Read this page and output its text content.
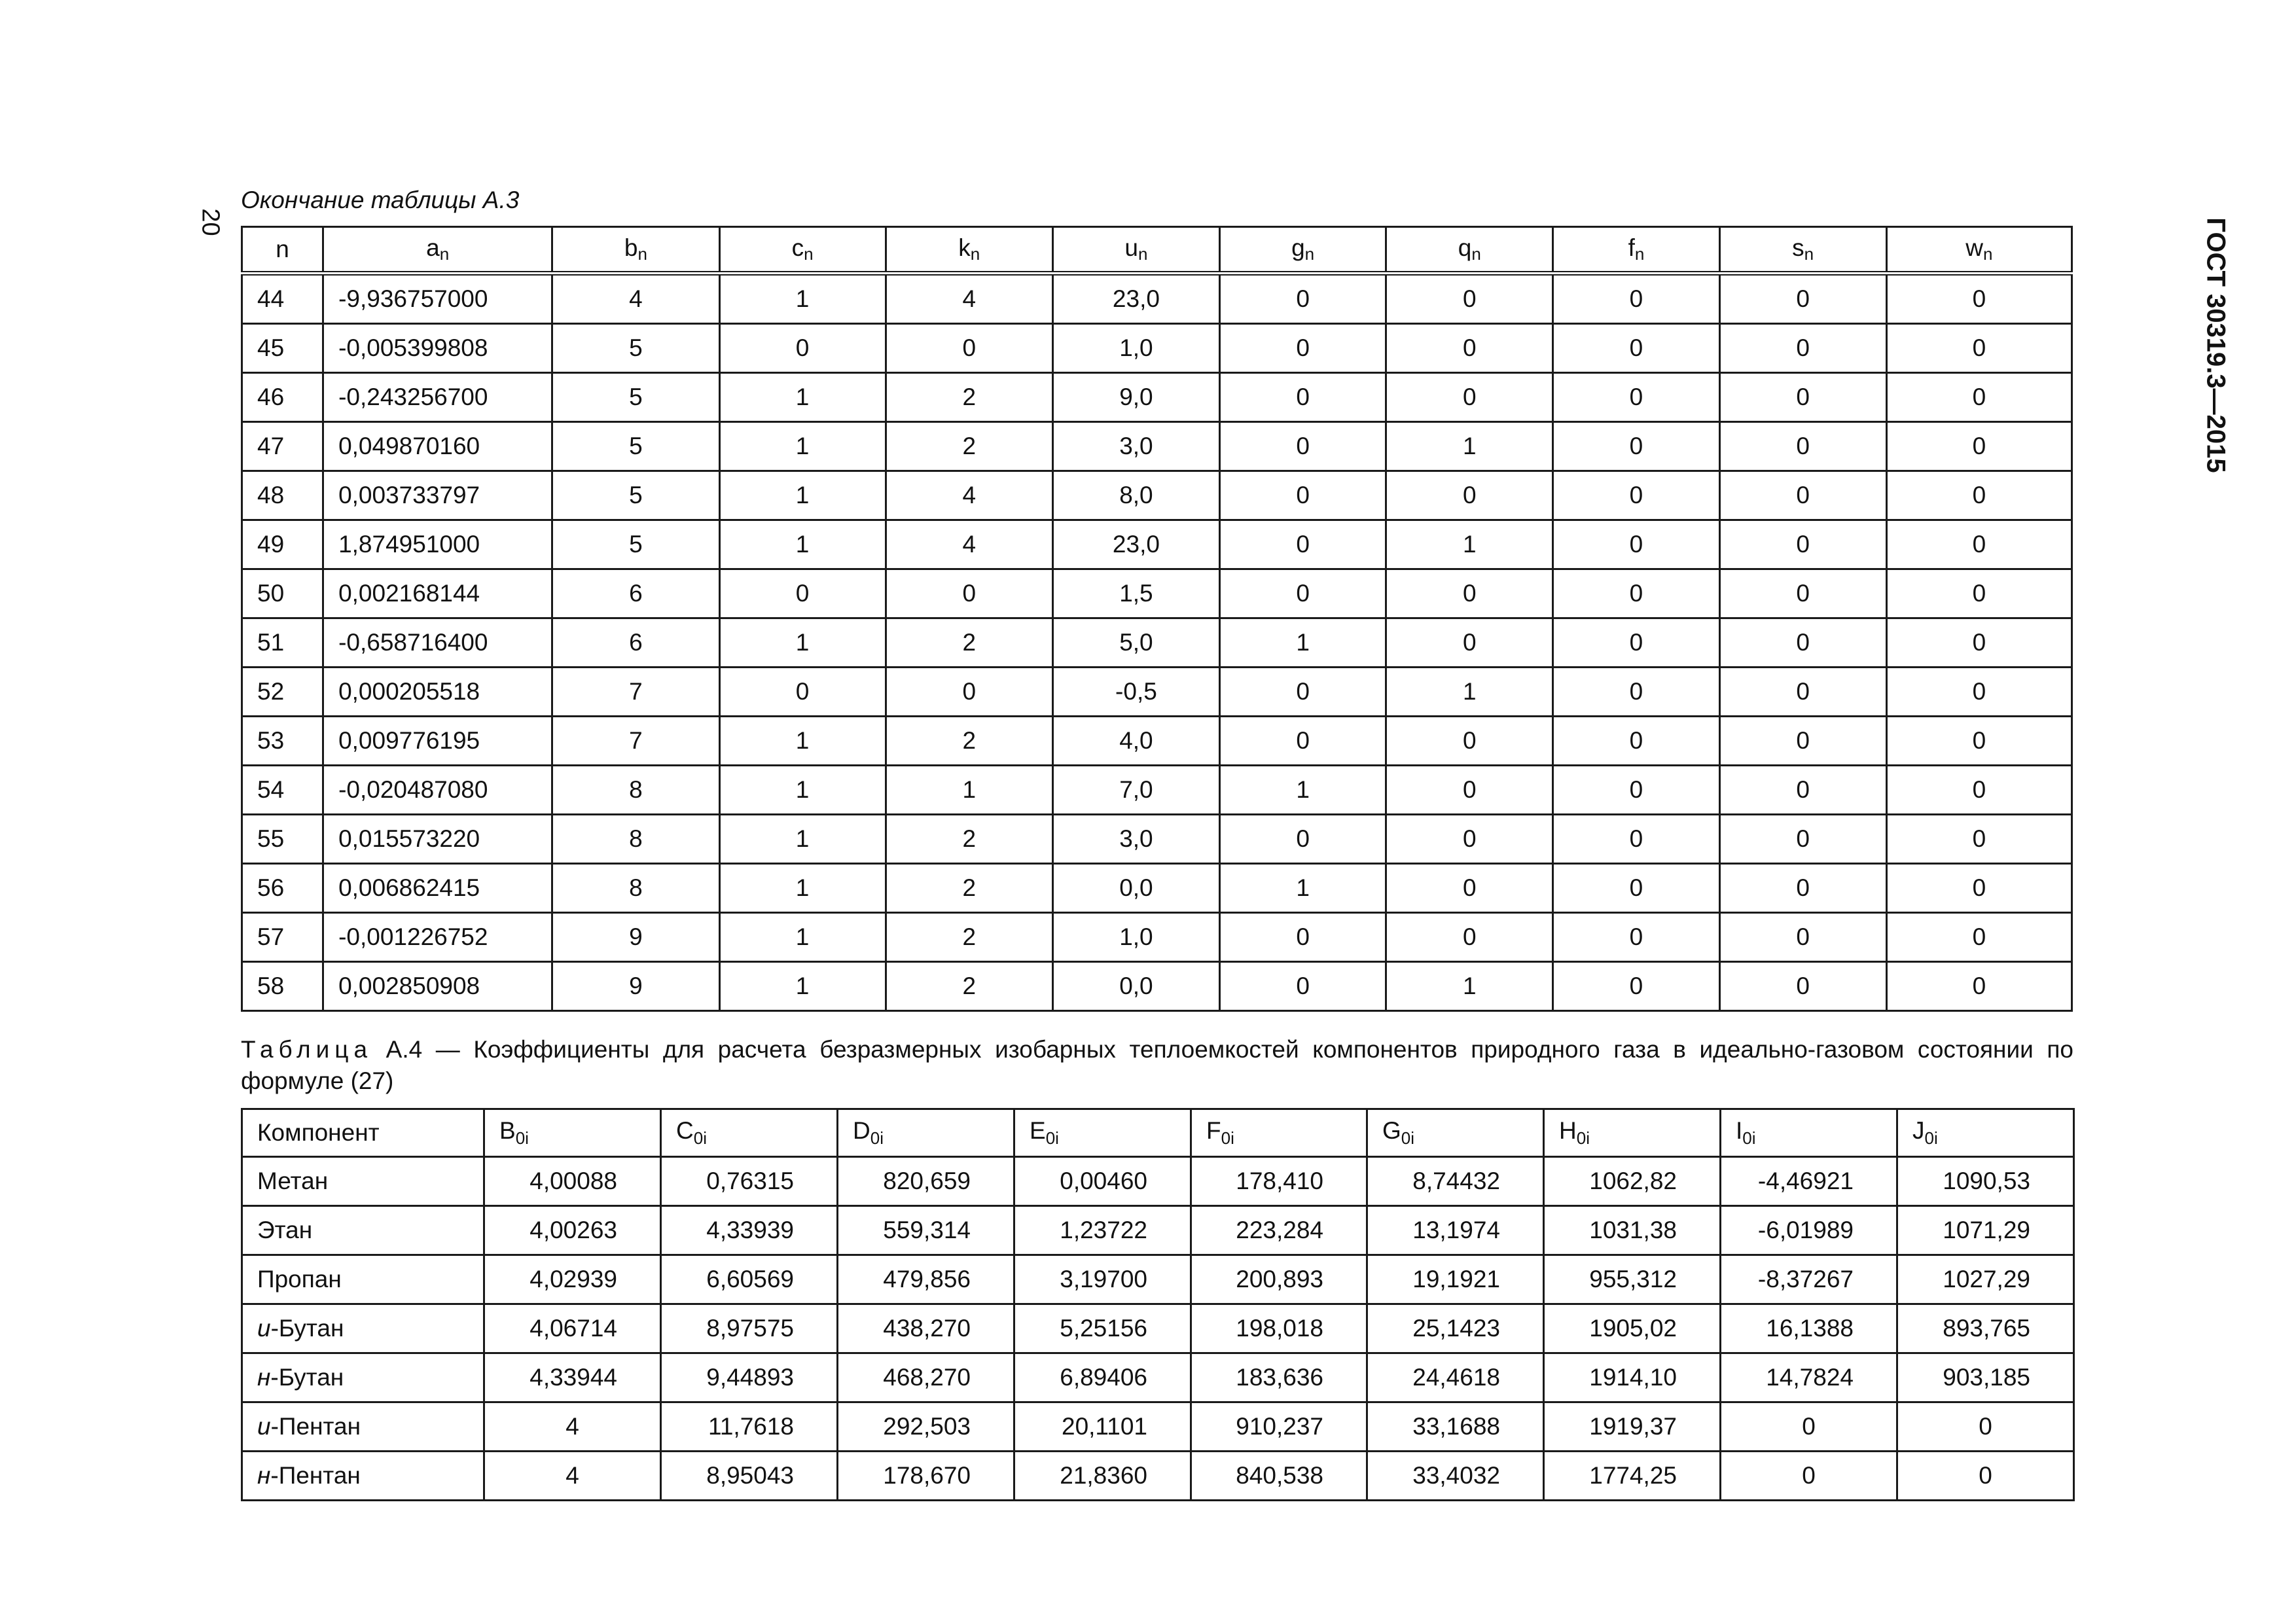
20	ГОСТ 30319.3—2015
Окончание таблицы А.3
n	$a_n$	$b_n$	$c_n$	$k_n$	$u_n$	$g_n$	$q_n$	$f_n$	$s_n$	$w_n$
44	-9,936757000	4	1	4	23,0	0	0	0	0	0
45	-0,005399808	5	0	0	1,0	0	0	0	0	0
46	-0,243256700	5	1	2	9,0	0	0	0	0	0
47	0,049870160	5	1	2	3,0	0	1	0	0	0
48	0,003733797	5	1	4	8,0	0	0	0	0	0
49	1,874951000	5	1	4	23,0	0	1	0	0	0
50	0,002168144	6	0	0	1,5	0	0	0	0	0
51	-0,658716400	6	1	2	5,0	1	0	0	0	0
52	0,000205518	7	0	0	-0,5	0	1	0	0	0
53	0,009776195	7	1	2	4,0	0	0	0	0	0
54	-0,020487080	8	1	1	7,0	1	0	0	0	0
55	0,015573220	8	1	2	3,0	0	0	0	0	0
56	0,006862415	8	1	2	0,0	1	0	0	0	0
57	-0,001226752	9	1	2	1,0	0	0	0	0	0
58	0,002850908	9	1	2	0,0	0	1	0	0	0
Таблица А.4 — Коэффициенты для расчета безразмерных изобарных теплоемкостей компонентов природного газа в идеально-газовом состоянии по формуле (27)
Компонент	$B_{0i}$	$C_{0i}$	$D_{0i}$	$E_{0i}$	$F_{0i}$	$G_{0i}$	$H_{0i}$	$I_{0i}$	$J_{0i}$
Метан	4,00088	0,76315	820,659	0,00460	178,410	8,74432	1062,82	-4,46921	1090,53
Этан	4,00263	4,33939	559,314	1,23722	223,284	13,1974	1031,38	-6,01989	1071,29
Пропан	4,02939	6,60569	479,856	3,19700	200,893	19,1921	955,312	-8,37267	1027,29
и-Бутан	4,06714	8,97575	438,270	5,25156	198,018	25,1423	1905,02	16,1388	893,765
н-Бутан	4,33944	9,44893	468,270	6,89406	183,636	24,4618	1914,10	14,7824	903,185
и-Пентан	4	11,7618	292,503	20,1101	910,237	33,1688	1919,37	0	0
н-Пентан	4	8,95043	178,670	21,8360	840,538	33,4032	1774,25	0	0
